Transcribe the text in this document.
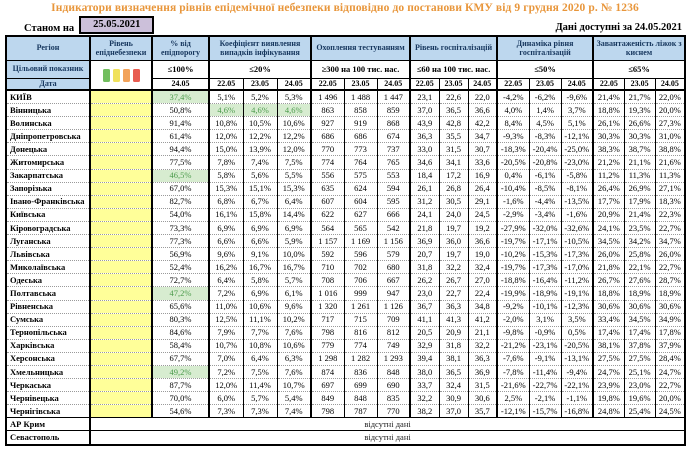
Індикатори визначення рівнів епідемічної небезпеки відповідно до постанови КМУ від 9 грудня 2020 р. № 1236
Станом на	25.05.2021	Дані доступні за 24.05.2021
Регіон	Рівень епіднебезпеки	% від епідпорогу	Коефіцієнт виявлення випадків інфікування			Охоплення тестуванням			Рівень госпіталізацій			Динаміка рівня госпіталізацій			Завантаженість ліжок з киснем		
Цільовий показник		≤100%	≤20%			≥300 на 100 тис. нас.			≤60 на 100 тис. нас.			≤50%			≤65%		
Дата		24.05	22.05	23.05	24.05	22.05	23.05	24.05	22.05	23.05	24.05	22.05	23.05	24.05	22.05	23.05	24.05
КИЇВ		37,4%	5,1%	5,2%	5,3%	1 496	1 488	1 447	23,1	22,6	22,0	-4,2%	-6,2%	-9,6%	21,4%	21,7%	22,0%
Вінницька		50,8%	4,6%	4,6%	4,6%	863	858	859	37,0	36,5	36,6	4,0%	1,4%	3,7%	18,8%	19,3%	20,0%
Волинська		91,4%	10,8%	10,5%	10,6%	927	919	868	43,9	42,8	42,2	8,4%	4,5%	5,1%	26,1%	26,6%	27,3%
Дніпропетровська		61,4%	12,0%	12,2%	12,2%	686	686	674	36,3	35,5	34,7	-9,3%	-8,3%	-12,1%	30,3%	30,3%	31,0%
Донецька		94,4%	15,0%	13,9%	12,0%	770	773	737	33,0	31,5	30,7	-18,3%	-20,4%	-25,0%	38,3%	38,7%	38,8%
Житомирська		77,5%	7,8%	7,4%	7,5%	774	764	765	34,6	34,1	33,6	-20,5%	-20,8%	-23,0%	21,2%	21,1%	21,6%
Закарпатська		46,5%	5,8%	5,6%	5,5%	556	575	553	18,4	17,2	16,9	0,4%	-6,1%	-5,8%	11,2%	11,3%	11,3%
Запорізька		67,0%	15,3%	15,1%	15,3%	635	624	594	26,1	26,8	26,4	-10,4%	-8,5%	-8,1%	26,4%	26,9%	27,1%
Івано-Франківська		82,7%	6,8%	6,7%	6,4%	607	604	595	31,2	30,5	29,1	-1,6%	-4,4%	-13,5%	17,7%	17,9%	18,3%
Київська		54,0%	16,1%	15,8%	14,4%	622	627	666	24,1	24,0	24,5	-2,9%	-3,4%	-1,6%	20,9%	21,4%	22,3%
Кіровоградська		73,3%	6,9%	6,9%	6,9%	564	565	542	21,8	19,7	19,2	-27,9%	-32,0%	-32,6%	24,1%	23,5%	22,7%
Луганська		77,3%	6,6%	6,6%	5,9%	1 157	1 169	1 156	36,9	36,0	36,6	-19,7%	-17,1%	-10,5%	34,5%	34,2%	34,7%
Львівська		56,9%	9,6%	9,1%	10,0%	592	596	579	20,7	19,7	19,0	-10,2%	-15,3%	-17,3%	26,0%	25,8%	26,0%
Миколаївська		52,4%	16,2%	16,7%	16,7%	710	702	680	31,8	32,2	32,4	-19,7%	-17,3%	-17,0%	21,8%	22,1%	22,7%
Одеська		72,7%	6,4%	5,8%	5,7%	708	706	667	26,2	26,7	27,0	-18,8%	-16,4%	-11,2%	26,7%	27,6%	28,7%
Полтавська		47,2%	7,2%	6,9%	6,1%	1 016	999	947	23,0	22,7	22,4	-19,9%	-18,9%	-19,1%	18,8%	18,9%	18,9%
Рівненська		65,6%	11,0%	10,6%	9,6%	1 320	1 261	1 126	36,7	36,3	34,8	-9,2%	-10,1%	-12,3%	30,6%	30,6%	30,6%
Сумська		80,3%	12,5%	11,1%	10,2%	717	715	709	41,1	41,3	41,2	-2,0%	3,1%	3,5%	33,4%	34,5%	34,9%
Тернопільська		84,6%	7,9%	7,7%	7,6%	798	816	812	20,5	20,9	21,1	-9,8%	-0,9%	0,5%	17,4%	17,4%	17,8%
Харківська		58,4%	10,7%	10,8%	10,6%	779	774	749	32,9	31,8	32,2	-21,2%	-23,1%	-20,5%	38,1%	37,8%	37,9%
Херсонська		67,7%	7,0%	6,4%	6,3%	1 298	1 282	1 293	39,4	38,1	36,3	-7,6%	-9,1%	-13,1%	27,5%	27,5%	28,4%
Хмельницька		49,2%	7,2%	7,5%	7,6%	874	836	848	38,0	36,5	36,9	-7,8%	-11,4%	-9,4%	24,7%	25,1%	24,7%
Черкаська		87,7%	12,0%	11,4%	10,7%	697	699	690	33,7	32,4	31,5	-21,6%	-22,7%	-22,1%	23,9%	23,0%	22,7%
Чернівецька		70,0%	6,0%	5,7%	5,4%	849	848	835	32,2	30,9	30,6	2,5%	-2,1%	-1,1%	19,8%	19,6%	20,0%
Чернігівська		54,6%	7,3%	7,3%	7,4%	798	787	770	38,2	37,0	35,7	-12,1%	-15,7%	-16,8%	24,8%	25,4%	24,5%
АР Крим	відсутні дані																
Севастополь	відсутні дані																
